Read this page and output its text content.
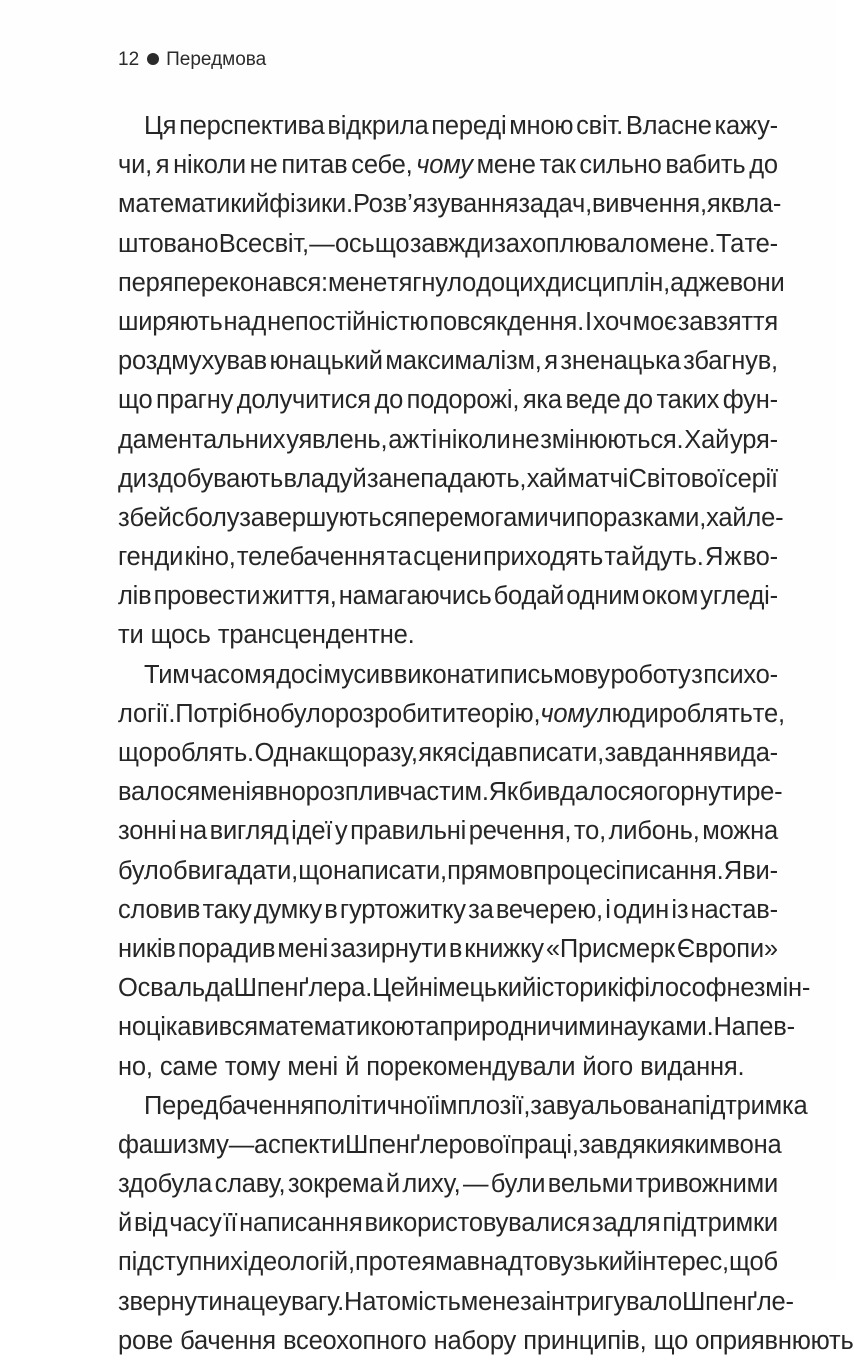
12 Передмова
Ця перспектива відкрила переді мною світ. Власне кажу-
чи, я ніколи не питав себе, чому мене так сильно вабить до
математики й фізики. Розв’язування задач, вивчення, як вла-
штовано Всесвіт, — ось що завжди захоплювало мене. Та те-
пер я переконався: мене тягнуло до цих дисциплін, адже вони
ширяють над непостійністю повсякдення. І хоч моє завзяття
роздмухував юнацький максималізм, я зненацька збагнув,
що прагну долучитися до подорожі, яка веде до таких фун-
даментальних уявлень, аж ті ніколи не змінюються. Хай уря-
ди здобувають владу й занепадають, хай матчі Світової серії
з бейсболу завершуються перемогами чи поразками, хай ле-
генди кіно, телебачення та сцени приходять та йдуть. Я ж во-
лів провести життя, намагаючись бодай одним оком угледі-
ти щось трансцендентне.
Тим часом я досі мусив виконати письмову роботу з психо-
логії. Потрібно було розробити теорію, чому люди роблять те,
що роблять. Однак щоразу, як я сідав писати, завдання вида-
валося мені явно розпливчастим. Якби вдалося огорнути ре-
зонні на вигляд ідеї у правильні речення, то, либонь, можна
було б вигадати, що написати, прямо в процесі писання. Я ви-
словив таку думку в гуртожитку за вечерею, і один із настав-
ників порадив мені зазирнути в книжку «Присмерк Європи»
Освальда Шпенґлера. Цей німецький історик і філософ незмін-
но цікавився математикою та природничими науками. Напев-
но, саме тому мені й порекомендували його видання.
Передбачення політичної імплозії, завуальована підтримка
фашизму — аспекти Шпенґлерової праці, завдяки яким вона
здобула славу, зокрема й лиху, — були вельми тривожними
й від часу її написання використовувалися задля підтримки
підступних ідеологій, проте я мав надто вузький інтерес, щоб
звернути на це увагу. Натомість мене заінтригувало Шпенґле-
рове бачення всеохопного набору принципів, що оприявнюють
